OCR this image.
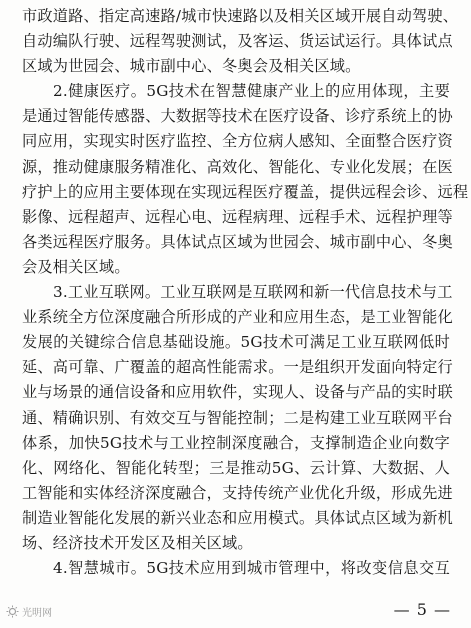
市政道路、指定高速路/城市快速路以及相关区域开展自动驾驶、
自动编队行驶、远程驾驶测试，及客运、货运试运行。具体试点
区域为世园会、城市副中心、冬奥会及相关区域。
2.健康医疗。5G技术在智慧健康产业上的应用体现，主要
是通过智能传感器、大数据等技术在医疗设备、诊疗系统上的协
同应用，实现实时医疗监控、全方位病人感知、全面整合医疗资
源，推动健康服务精准化、高效化、智能化、专业化发展；在医
疗护上的应用主要体现在实现远程医疗覆盖，提供远程会诊、远程
影像、远程超声、远程心电、远程病理、远程手术、远程护理等
各类远程医疗服务。具体试点区域为世园会、城市副中心、冬奥
会及相关区域。
3.工业互联网。工业互联网是互联网和新一代信息技术与工
业系统全方位深度融合所形成的产业和应用生态，是工业智能化
发展的关键综合信息基础设施。5G技术可满足工业互联网低时
延、高可靠、广覆盖的超高性能需求。一是组织开发面向特定行
业与场景的通信设备和应用软件，实现人、设备与产品的实时联
通、精确识别、有效交互与智能控制；二是构建工业互联网平台
体系，加快5G技术与工业控制深度融合，支撑制造企业向数字
化、网络化、智能化转型；三是推动5G、云计算、大数据、人
工智能和实体经济深度融合，支持传统产业优化升级，形成先进
制造业智能化发展的新兴业态和应用模式。具体试点区域为新机
场、经济技术开发区及相关区域。
4.智慧城市。5G技术应用到城市管理中，将改变信息交互
光明网	— 5 —
